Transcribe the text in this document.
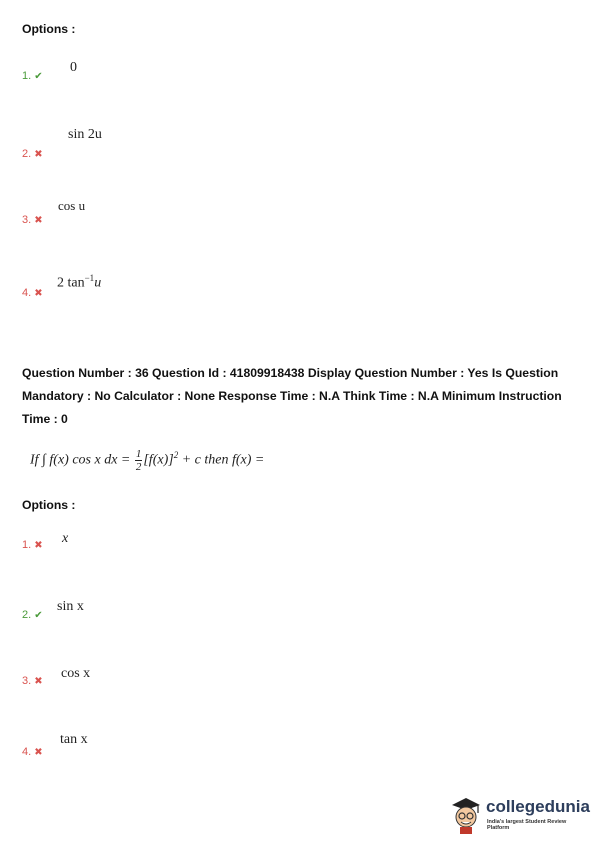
Options :
1. ✔
0
2. ✖
sin 2u
3. ✖
cos u
4. ✖
2 $\tan^{-1}u$
Question Number : 36 Question Id : 41809918438 Display Question Number : Yes Is Question Mandatory : No Calculator : None Response Time : N.A Think Time : N.A Minimum Instruction Time : 0
If ∫ f(x) cos x dx = $\frac{1}{2} [f(x)]^2 + c$ then f(x) =
Options :
1. ✖ x
2. ✔
sin x
3. ✖
cos x
4. ✖
tan x
collegedunia
India's largest Student Review Platform
